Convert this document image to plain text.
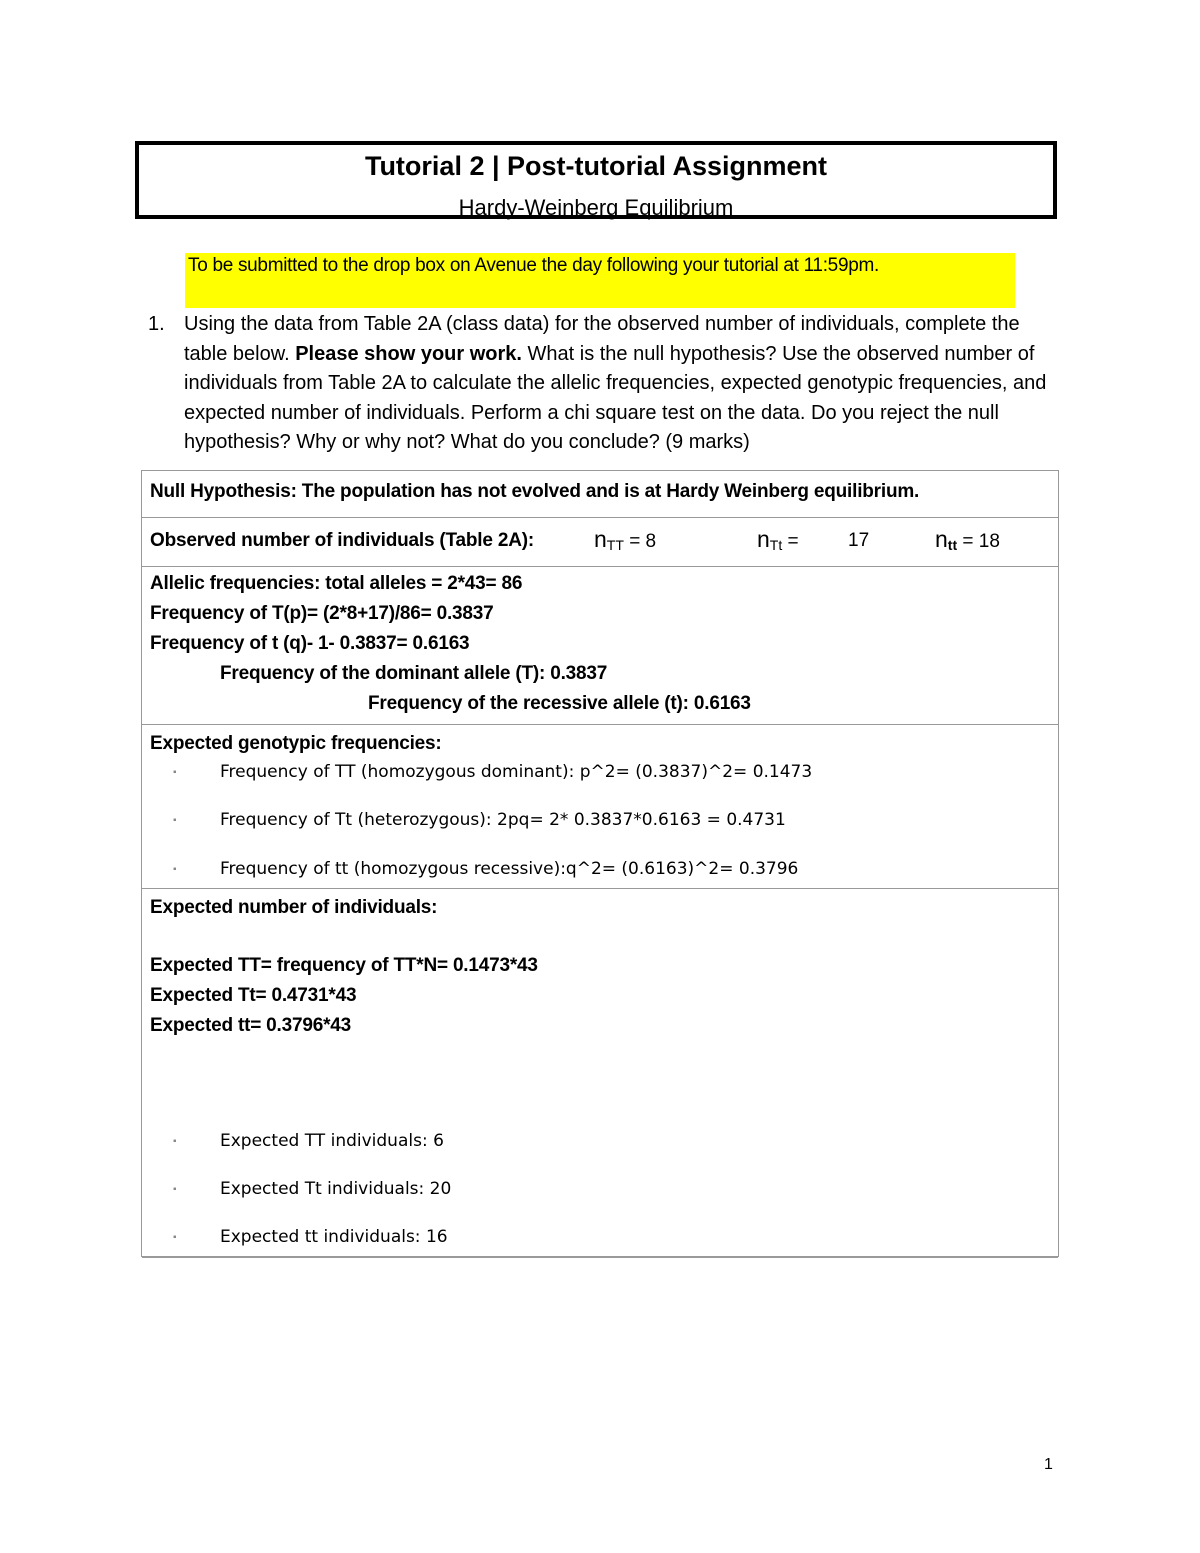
Tutorial 2 | Post-tutorial Assignment
Hardy-Weinberg Equilibrium
To be submitted to the drop box on Avenue the day following your tutorial at 11:59pm.
1. Using the data from Table 2A (class data) for the observed number of individuals, complete the table below. Please show your work. What is the null hypothesis? Use the observed number of individuals from Table 2A to calculate the allelic frequencies, expected genotypic frequencies, and expected number of individuals. Perform a chi square test on the data. Do you reject the null hypothesis? Why or why not? What do you conclude? (9 marks)
Null Hypothesis: The population has not evolved and is at Hardy Weinberg equilibrium.
Observed number of individuals (Table 2A):	nTT = 8	nTt =	17	ntt = 18
Allelic frequencies: total alleles = 2*43= 86
Frequency of T(p)= (2*8+17)/86= 0.3837
Frequency of t (q)- 1- 0.3837= 0.6163
Frequency of the dominant allele (T): 0.3837
Frequency of the recessive allele (t): 0.6163
Expected genotypic frequencies:
▪	Frequency of TT (homozygous dominant): p^2= (0.3837)^2= 0.1473
▪	Frequency of Tt (heterozygous): 2pq= 2* 0.3837*0.6163 = 0.4731
▪	Frequency of tt (homozygous recessive):q^2= (0.6163)^2= 0.3796
Expected number of individuals:
Expected TT= frequency of TT*N= 0.1473*43
Expected Tt= 0.4731*43
Expected tt= 0.3796*43
▪	Expected TT individuals: 6
▪	Expected Tt individuals: 20
▪	Expected tt individuals: 16
1
